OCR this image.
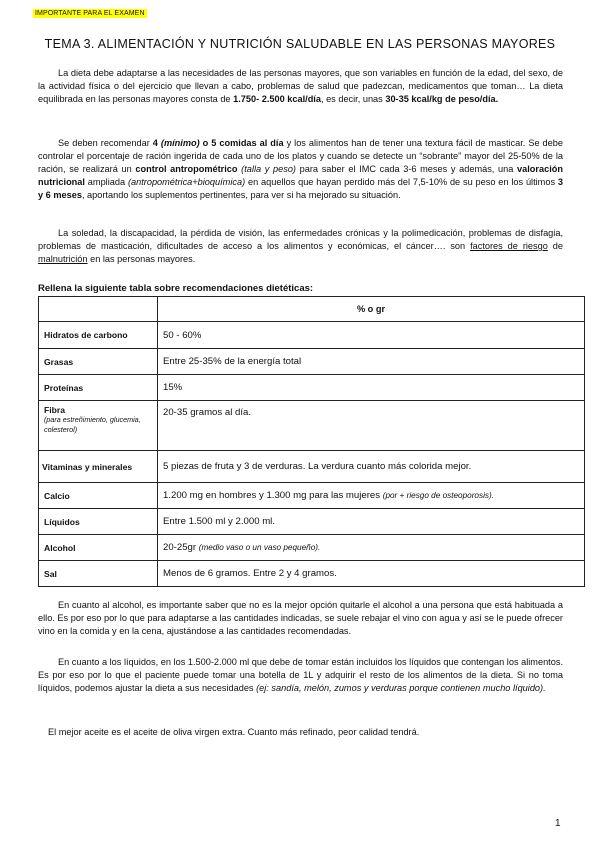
IMPORTANTE PARA EL EXAMEN
TEMA 3. ALIMENTACIÓN Y NUTRICIÓN SALUDABLE EN LAS PERSONAS MAYORES
La dieta debe adaptarse a las necesidades de las personas mayores, que son variables en función de la edad, del sexo, de la actividad física o del ejercicio que llevan a cabo, problemas de salud que padezcan, medicamentos que toman… La dieta equilibrada en las personas mayores consta de 1.750- 2.500 kcal/día, es decir, unas 30-35 kcal/kg de peso/día.
Se deben recomendar 4 (mínimo) o 5 comidas al día y los alimentos han de tener una textura fácil de masticar. Se debe controlar el porcentaje de ración ingerida de cada uno de los platos y cuando se detecte un “sobrante” mayor del 25-50% de la ración, se realizará un control antropométrico (talla y peso) para saber el IMC cada 3-6 meses y además, una valoración nutricional ampliada (antropométrica+bioquímica) en aquellos que hayan perdido más del 7,5-10% de su peso en los últimos 3 y 6 meses, aportando los suplementos pertinentes, para ver si ha mejorado su situación.
La soledad, la discapacidad, la pérdida de visión, las enfermedades crónicas y la polimedicación, problemas de disfagia, problemas de masticación, dificultades de acceso a los alimentos y económicas, el cáncer…. son factores de riesgo de malnutrición en las personas mayores.
Rellena la siguiente tabla sobre recomendaciones dietéticas:
	% o gr
Hidratos de carbono	50 - 60%
Grasas	Entre 25-35% de la energía total
Proteínas	15%
Fibra
(para estreñimiento, glucemia, colesterol)	20-35 gramos al día.
Vitaminas y minerales	5 piezas de fruta y 3 de verduras. La verdura cuanto más colorida mejor.
Calcio	1.200 mg en hombres y 1.300 mg para las mujeres (por + riesgo de osteoporosis).
Líquidos	Entre 1.500 ml y 2.000 ml.
Alcohol	20-25gr (medio vaso o un vaso pequeño).
Sal	Menos de 6 gramos. Entre 2 y 4 gramos.
En cuanto al alcohol, es importante saber que no es la mejor opción quitarle el alcohol a una persona que está habituada a ello. Es por eso por lo que para adaptarse a las cantidades indicadas, se suele rebajar el vino con agua y así se le puede ofrecer vino en la comida y en la cena, ajustándose a las cantidades recomendadas.
En cuanto a los líquidos, en los 1.500-2.000 ml que debe de tomar están incluidos los líquidos que contengan los alimentos. Es por eso por lo que el paciente puede tomar una botella de 1L y adquirir el resto de los alimentos de la dieta. Si no toma líquidos, podemos ajustar la dieta a sus necesidades (ej: sandía, melón, zumos y verduras porque contienen mucho líquido).
El mejor aceite es el aceite de oliva virgen extra. Cuanto más refinado, peor calidad tendrá.
1
